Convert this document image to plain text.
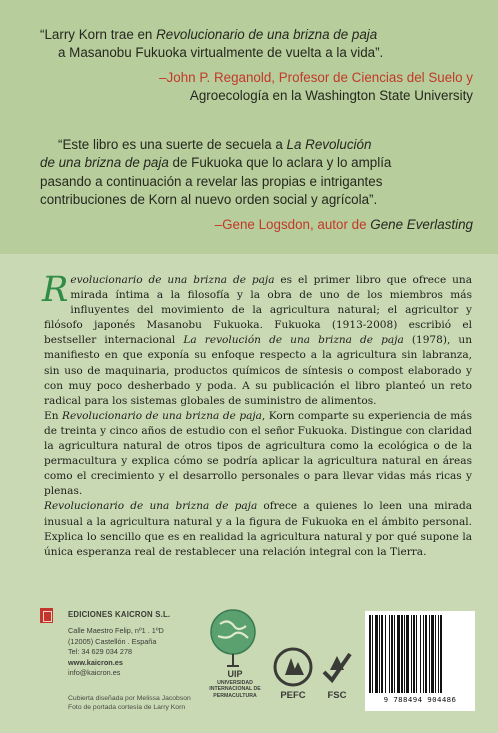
“Larry Korn trae en Revolucionario de una brizna de paja

a Masanobu Fukuoka virtualmente de vuelta a la vida”.
–John P. Reganold, Profesor de Ciencias del Suelo y
Agroecología en la Washington State University
“Este libro es una suerte de secuela a La Revolución
de una brizna de paja de Fukuoka que lo aclara y lo amplía
pasando a continuación a revelar las propias e intrigantes
contribuciones de Korn al nuevo orden social y agrícola”.
–Gene Logsdon, autor de Gene Everlasting

Revolucionario de una brizna de paja es el primer libro que ofrece una mirada íntima a la filosofía y la obra de uno de los miembros más influyentes del movimiento de la agricultura natural; el agricultor y filósofo japonés Masanobu Fukuoka. Fukuoka (1913-2008) escribió el bestseller internacional La revolución de una brizna de paja (1978), un manifiesto en que exponía su enfoque respecto a la agricultura sin labranza, sin uso de maquinaria, productos químicos de síntesis o compost elaborado y con muy poco desherbado y poda. A su publicación el libro planteó un reto radical para los sistemas globales de suministro de alimentos.

En Revolucionario de una brizna de paja, Korn comparte su experiencia de más de treinta y cinco años de estudio con el señor Fukuoka. Distingue con claridad la agricultura natural de otros tipos de agricultura como la ecológica o de la permacultura y explica cómo se podría aplicar la agricultura natural en áreas como el crecimiento y el desarrollo personales o para llevar vidas más ricas y plenas.

Revolucionario de una brizna de paja ofrece a quienes lo leen una mirada inusual a la agricultura natural y a la figura de Fukuoka en el ámbito personal. Explica lo sencillo que es en realidad la agricultura natural y por qué supone la única esperanza real de restablecer una relación integral con la Tierra.

EDICIONES KAICRON S.L.
Calle Maestro Felip, nº1 . 1ºD
(12005) Castellón . España
Tel: 34 629 034 278
www.kaicron.es
info@kaicron.es
Cubierta diseñada por Melissa Jacobson
Foto de portada cortesía de Larry Korn
UIP
UNIVERSIDAD
INTERNACIONAL DE
PERMACULTURA	PEFC	FSC	9 788494 904486
